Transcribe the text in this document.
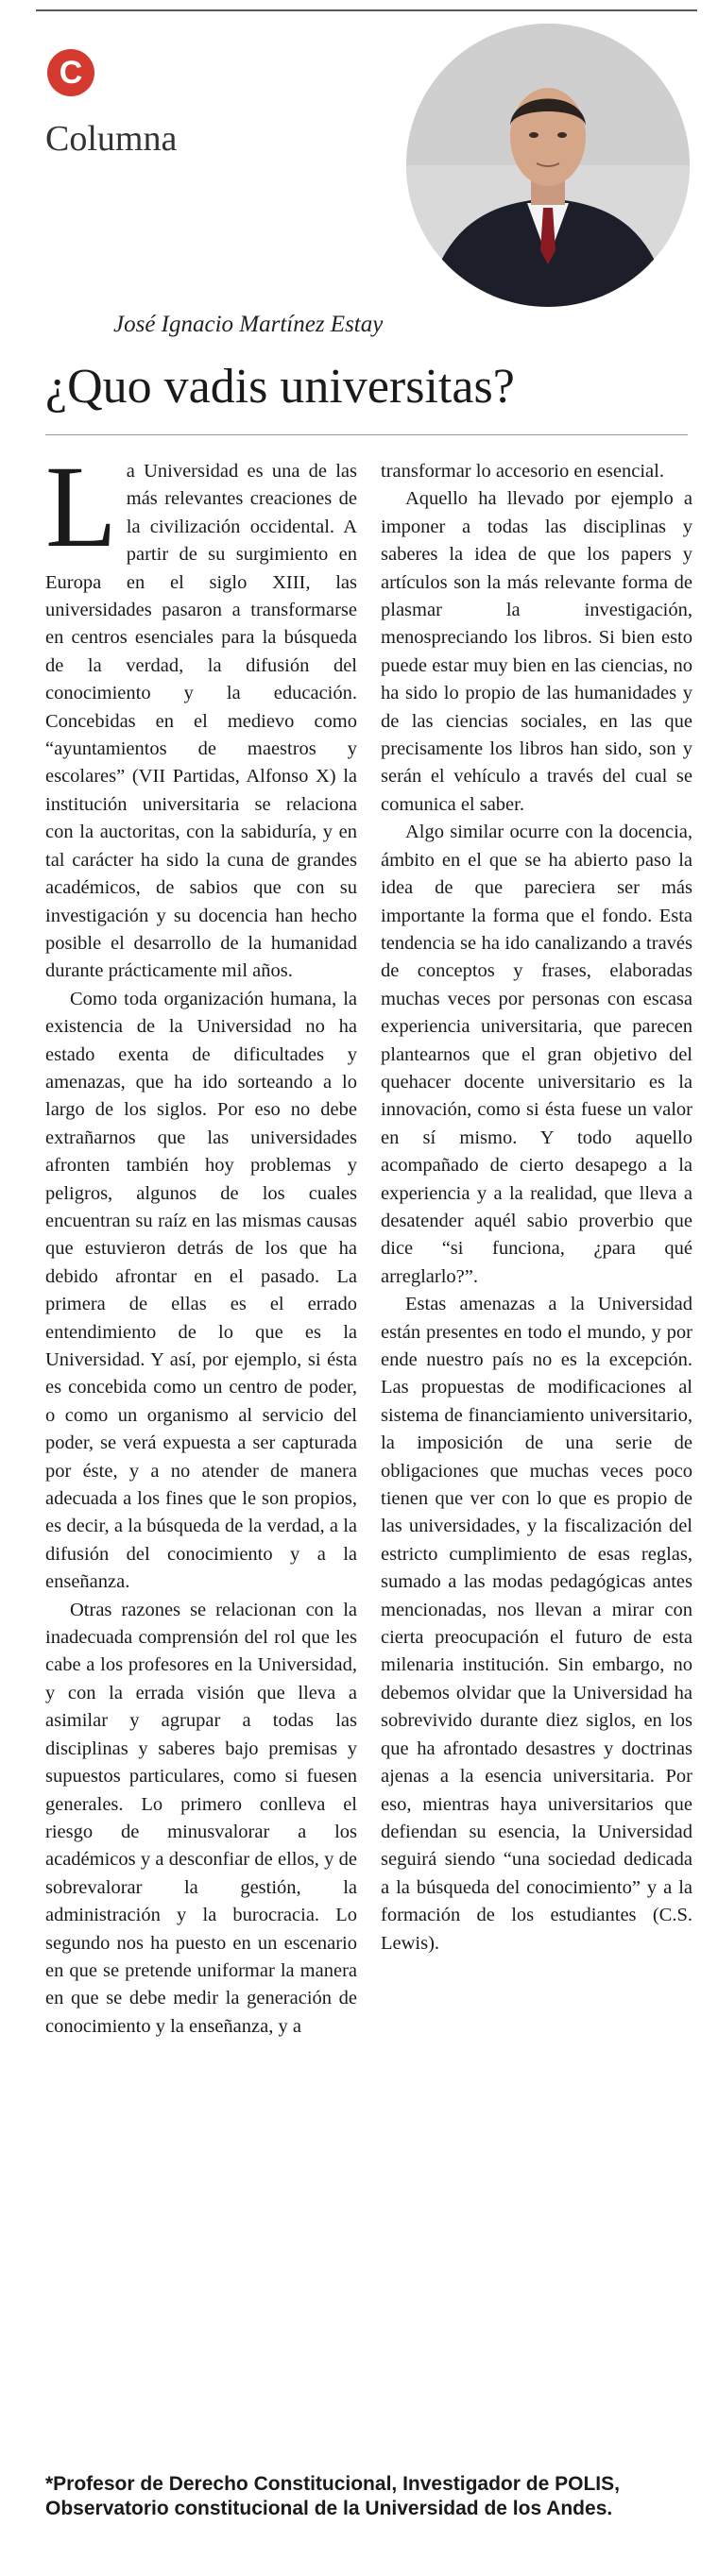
C
Columna
José Ignacio Martínez Estay
¿Quo vadis universitas?

La Universidad es una de las más relevantes creaciones de la civilización occidental. A partir de su surgimiento en Europa en el siglo XIII, las universidades pasaron a transformarse en centros esenciales para la búsqueda de la verdad, la difusión del conocimiento y la educación. Concebidas en el medievo como “ayuntamientos de maestros y escolares” (VII Partidas, Alfonso X) la institución universitaria se relaciona con la auctoritas, con la sabiduría, y en tal carácter ha sido la cuna de grandes académicos, de sabios que con su investigación y su docencia han hecho posible el desarrollo de la humanidad durante prácticamente mil años.

Como toda organización humana, la existencia de la Universidad no ha estado exenta de dificultades y amenazas, que ha ido sorteando a lo largo de los siglos. Por eso no debe extrañarnos que las universidades afronten también hoy problemas y peligros, algunos de los cuales encuentran su raíz en las mismas causas que estuvieron detrás de los que ha debido afrontar en el pasado. La primera de ellas es el errado entendimiento de lo que es la Universidad. Y así, por ejemplo, si ésta es concebida como un centro de poder, o como un organismo al servicio del poder, se verá expuesta a ser capturada por éste, y a no atender de manera adecuada a los fines que le son propios, es decir, a la búsqueda de la verdad, a la difusión del conocimiento y a la enseñanza.

Otras razones se relacionan con la inadecuada comprensión del rol que les cabe a los profesores en la Universidad, y con la errada visión que lleva a asimilar y agrupar a todas las disciplinas y saberes bajo premisas y supuestos particulares, como si fuesen generales. Lo primero conlleva el riesgo de minusvalorar a los académicos y a desconfiar de ellos, y de sobrevalorar la gestión, la administración y la burocracia. Lo segundo nos ha puesto en un escenario en que se pretende uniformar la manera en que se debe medir la generación de conocimiento y la enseñanza, y a

transformar lo accesorio en esencial.

Aquello ha llevado por ejemplo a imponer a todas las disciplinas y saberes la idea de que los papers y artículos son la más relevante forma de plasmar la investigación, menospreciando los libros. Si bien esto puede estar muy bien en las ciencias, no ha sido lo propio de las humanidades y de las ciencias sociales, en las que precisamente los libros han sido, son y serán el vehículo a través del cual se comunica el saber.

Algo similar ocurre con la docencia, ámbito en el que se ha abierto paso la idea de que pareciera ser más importante la forma que el fondo. Esta tendencia se ha ido canalizando a través de conceptos y frases, elaboradas muchas veces por personas con escasa experiencia universitaria, que parecen plantearnos que el gran objetivo del quehacer docente universitario es la innovación, como si ésta fuese un valor en sí mismo. Y todo aquello acompañado de cierto desapego a la experiencia y a la realidad, que lleva a desatender aquél sabio proverbio que dice “si funciona, ¿para qué arreglarlo?”.

Estas amenazas a la Universidad están presentes en todo el mundo, y por ende nuestro país no es la excepción. Las propuestas de modificaciones al sistema de financiamiento universitario, la imposición de una serie de obligaciones que muchas veces poco tienen que ver con lo que es propio de las universidades, y la fiscalización del estricto cumplimiento de esas reglas, sumado a las modas pedagógicas antes mencionadas, nos llevan a mirar con cierta preocupación el futuro de esta milenaria institución. Sin embargo, no debemos olvidar que la Universidad ha sobrevivido durante diez siglos, en los que ha afrontado desastres y doctrinas ajenas a la esencia universitaria. Por eso, mientras haya universitarios que defiendan su esencia, la Universidad seguirá siendo “una sociedad dedicada a la búsqueda del conocimiento” y a la formación de los estudiantes (C.S. Lewis).

*Profesor de Derecho Constitucional, Investigador de POLIS, Observatorio constitucional de la Universidad de los Andes.
